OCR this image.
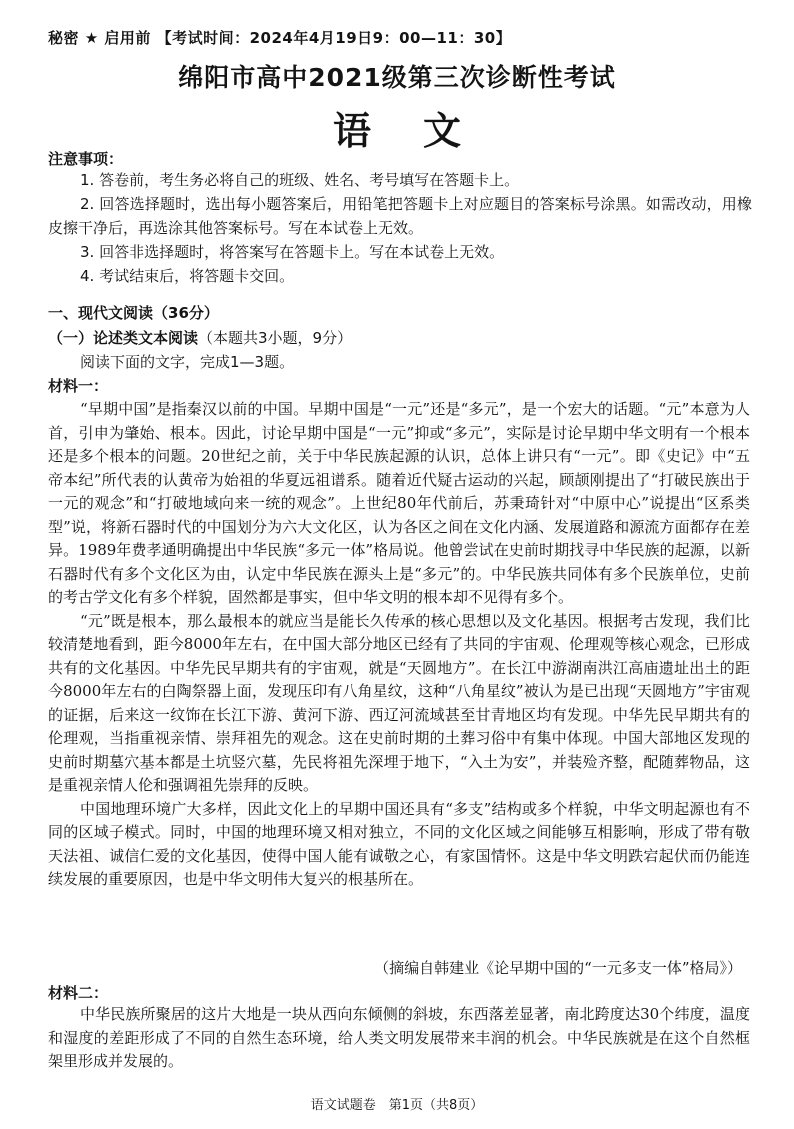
秘密 ★ 启用前 【考试时间：2024年4月19日9：00—11：30】
绵阳市高中2021级第三次诊断性考试
语文
注意事项：

1. 答卷前，考生务必将自己的班级、姓名、考号填写在答题卡上。

2. 回答选择题时，选出每小题答案后，用铅笔把答题卡上对应题目的答案标号涂黑。如需改动，用橡皮擦干净后，再选涂其他答案标号。写在本试卷上无效。

3. 回答非选择题时，将答案写在答题卡上。写在本试卷上无效。

4. 考试结束后，将答题卡交回。

一、现代文阅读（36分）
（一）论述类文本阅读（本题共3小题，9分）
阅读下面的文字，完成1—3题。
材料一：

“早期中国”是指秦汉以前的中国。早期中国是“一元”还是“多元”，是一个宏大的话题。“元”本意为人首，引申为肇始、根本。因此，讨论早期中国是“一元”抑或“多元”，实际是讨论早期中华文明有一个根本还是多个根本的问题。20世纪之前，关于中华民族起源的认识，总体上讲只有“一元”。即《史记》中“五帝本纪”所代表的认黄帝为始祖的华夏远祖谱系。随着近代疑古运动的兴起，顾颉刚提出了“打破民族出于一元的观念”和“打破地域向来一统的观念”。上世纪80年代前后，苏秉琦针对“中原中心”说提出“区系类型”说，将新石器时代的中国划分为六大文化区，认为各区之间在文化内涵、发展道路和源流方面都存在差异。1989年费孝通明确提出中华民族“多元一体”格局说。他曾尝试在史前时期找寻中华民族的起源，以新石器时代有多个文化区为由，认定中华民族在源头上是“多元”的。中华民族共同体有多个民族单位，史前的考古学文化有多个样貌，固然都是事实，但中华文明的根本却不见得有多个。

“元”既是根本，那么最根本的就应当是能长久传承的核心思想以及文化基因。根据考古发现，我们比较清楚地看到，距今8000年左右，在中国大部分地区已经有了共同的宇宙观、伦理观等核心观念，已形成共有的文化基因。中华先民早期共有的宇宙观，就是“天圆地方”。在长江中游湖南洪江高庙遗址出土的距今8000年左右的白陶祭器上面，发现压印有八角星纹，这种“八角星纹”被认为是已出现“天圆地方”宇宙观的证据，后来这一纹饰在长江下游、黄河下游、西辽河流域甚至甘青地区均有发现。中华先民早期共有的伦理观，当指重视亲情、崇拜祖先的观念。这在史前时期的土葬习俗中有集中体现。中国大部地区发现的史前时期墓穴基本都是土坑竖穴墓，先民将祖先深埋于地下，“入土为安”，并装殓齐整，配随葬物品，这是重视亲情人伦和强调祖先崇拜的反映。

中国地理环境广大多样，因此文化上的早期中国还具有“多支”结构或多个样貌，中华文明起源也有不同的区域子模式。同时，中国的地理环境又相对独立，不同的文化区域之间能够互相影响，形成了带有敬天法祖、诚信仁爱的文化基因，使得中国人能有诚敬之心，有家国情怀。这是中华文明跌宕起伏而仍能连续发展的重要原因，也是中华文明伟大复兴的根基所在。

（摘编自韩建业《论早期中国的“一元多支一体”格局》）
材料二：

中华民族所聚居的这片大地是一块从西向东倾侧的斜坡，东西落差显著，南北跨度达30个纬度，温度和湿度的差距形成了不同的自然生态环境，给人类文明发展带来丰润的机会。中华民族就是在这个自然框架里形成并发展的。

语文试题卷　第1页（共8页）
